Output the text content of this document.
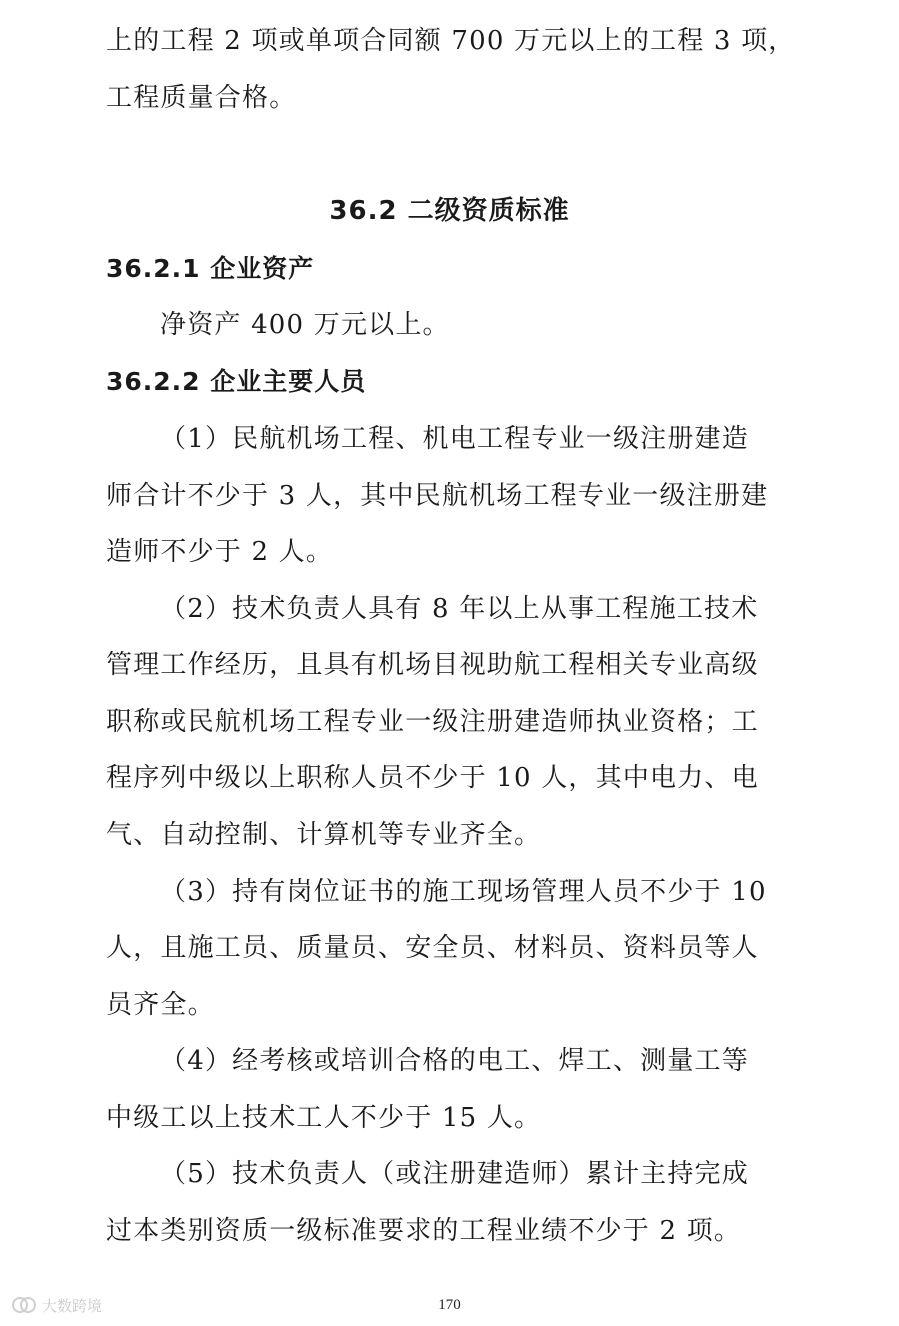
上的工程 2 项或单项合同额 700 万元以上的工程 3 项，
工程质量合格。
36.2 二级资质标准
36.2.1 企业资产
净资产 400 万元以上。
36.2.2 企业主要人员
（1）民航机场工程、机电工程专业一级注册建造
师合计不少于 3 人，其中民航机场工程专业一级注册建
造师不少于 2 人。
（2）技术负责人具有 8 年以上从事工程施工技术
管理工作经历，且具有机场目视助航工程相关专业高级
职称或民航机场工程专业一级注册建造师执业资格；工
程序列中级以上职称人员不少于 10 人，其中电力、电
气、自动控制、计算机等专业齐全。
（3）持有岗位证书的施工现场管理人员不少于 10
人，且施工员、质量员、安全员、材料员、资料员等人
员齐全。
（4）经考核或培训合格的电工、焊工、测量工等
中级工以上技术工人不少于 15 人。
（5）技术负责人（或注册建造师）累计主持完成
过本类别资质一级标准要求的工程业绩不少于 2 项。
170
大数跨境
